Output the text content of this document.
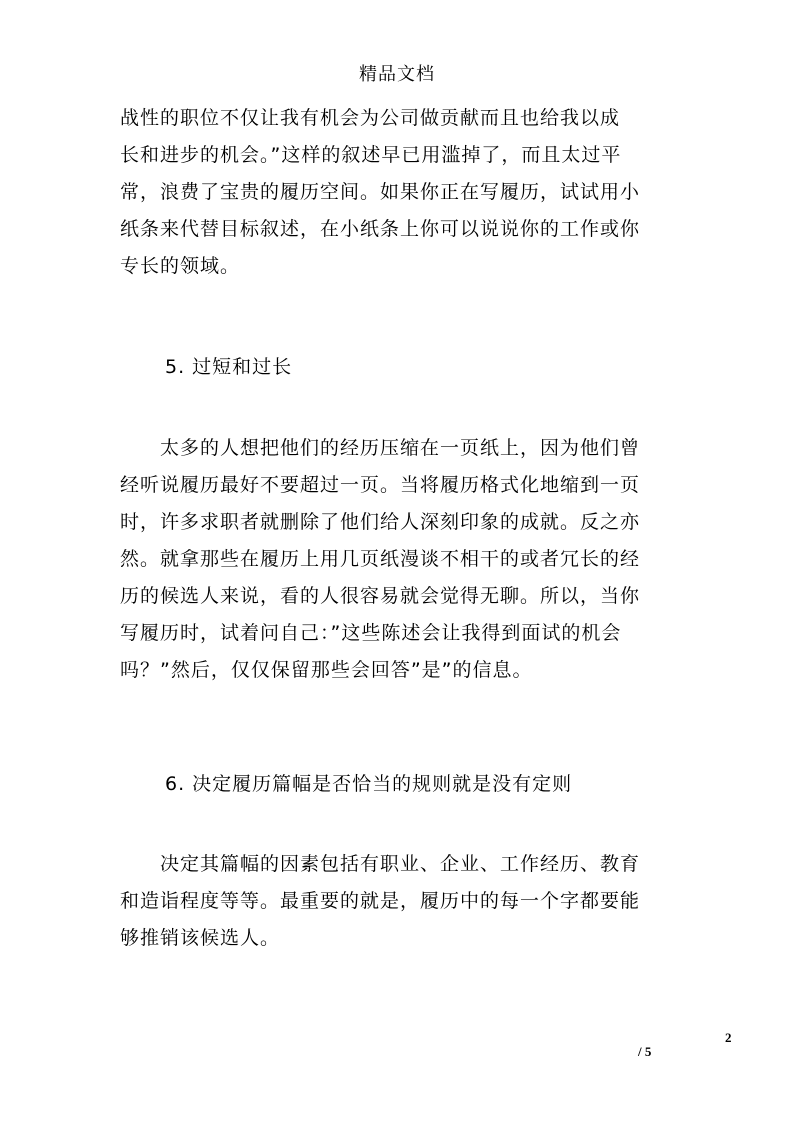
精品文档

战性的职位不仅让我有机会为公司做贡献而且也给我以成

长和进步的机会。”这样的叙述早已用滥掉了，而且太过平

常，浪费了宝贵的履历空间。如果你正在写履历，试试用小

纸条来代替目标叙述，在小纸条上你可以说说你的工作或你

专长的领域。

5. 过短和过长

　　太多的人想把他们的经历压缩在一页纸上，因为他们曾

经听说履历最好不要超过一页。当将履历格式化地缩到一页

时，许多求职者就删除了他们给人深刻印象的成就。反之亦

然。就拿那些在履历上用几页纸漫谈不相干的或者冗长的经

历的候选人来说，看的人很容易就会觉得无聊。所以，当你

写履历时，试着问自己：”这些陈述会让我得到面试的机会

吗？”然后，仅仅保留那些会回答”是”的信息。

6. 决定履历篇幅是否恰当的规则就是没有定则

　　决定其篇幅的因素包括有职业、企业、工作经历、教育

和造诣程度等等。最重要的就是，履历中的每一个字都要能

够推销该候选人。

2
/ 5
